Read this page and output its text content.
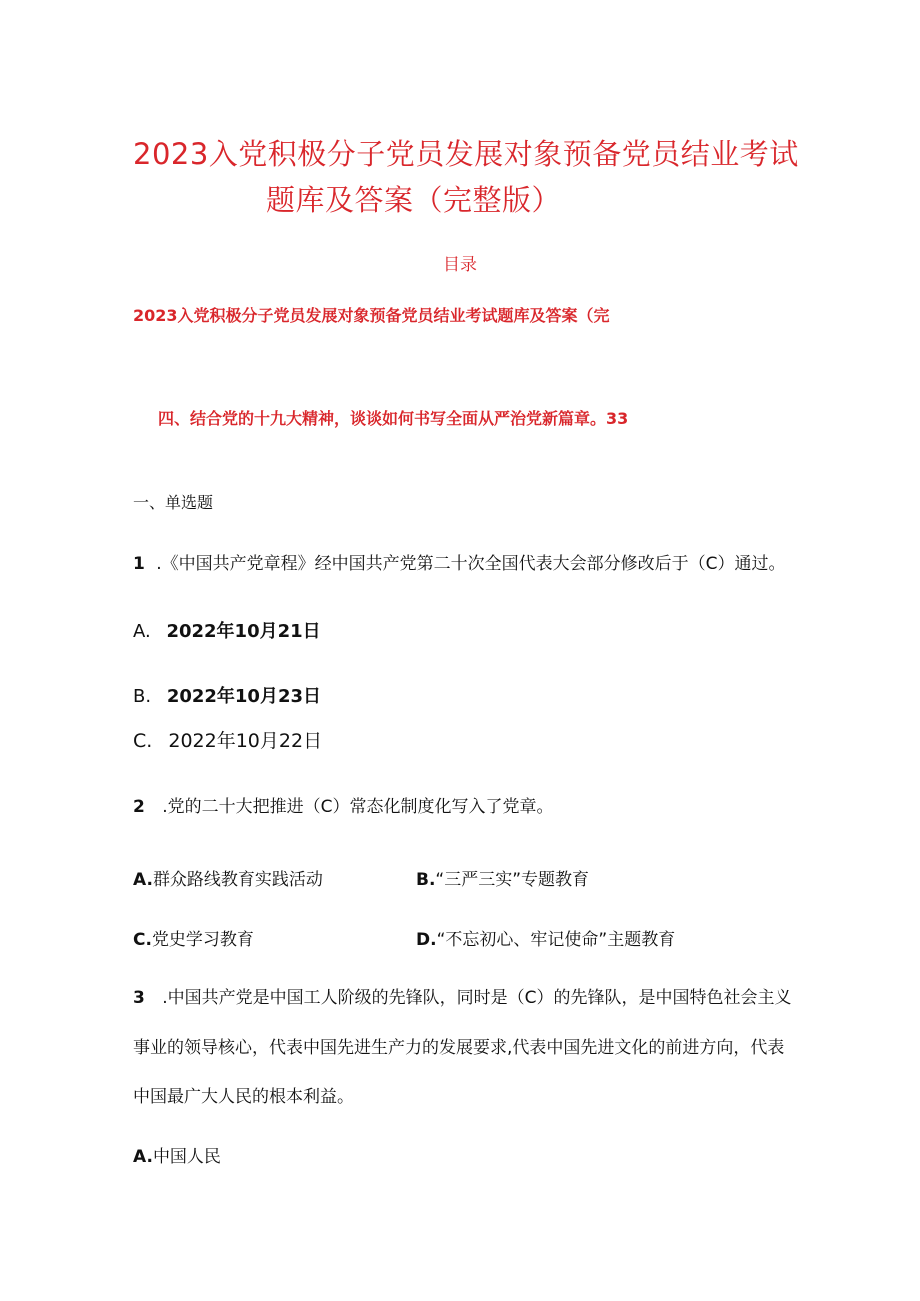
2023入党积极分子党员发展对象预备党员结业考试
题库及答案（完整版）
目录
2023入党积极分子党员发展对象预备党员结业考试题库及答案（完
四、结合党的十九大精神，谈谈如何书写全面从严治党新篇章。33
一、单选题
1 .《中国共产党章程》经中国共产党第二十次全国代表大会部分修改后于（C）通过。
A. 2022年10月21日
B. 2022年10月23日
C. 2022年10月22日
2 .党的二十大把推进（C）常态化制度化写入了党章。
A.群众路线教育实践活动	B.“三严三实”专题教育
C.党史学习教育	D.“不忘初心、牢记使命”主题教育
3 .中国共产党是中国工人阶级的先锋队，同时是（C）的先锋队，是中国特色社会主义
事业的领导核心，代表中国先进生产力的发展要求,代表中国先进文化的前进方向，代表
中国最广大人民的根本利益。
A.中国人民
